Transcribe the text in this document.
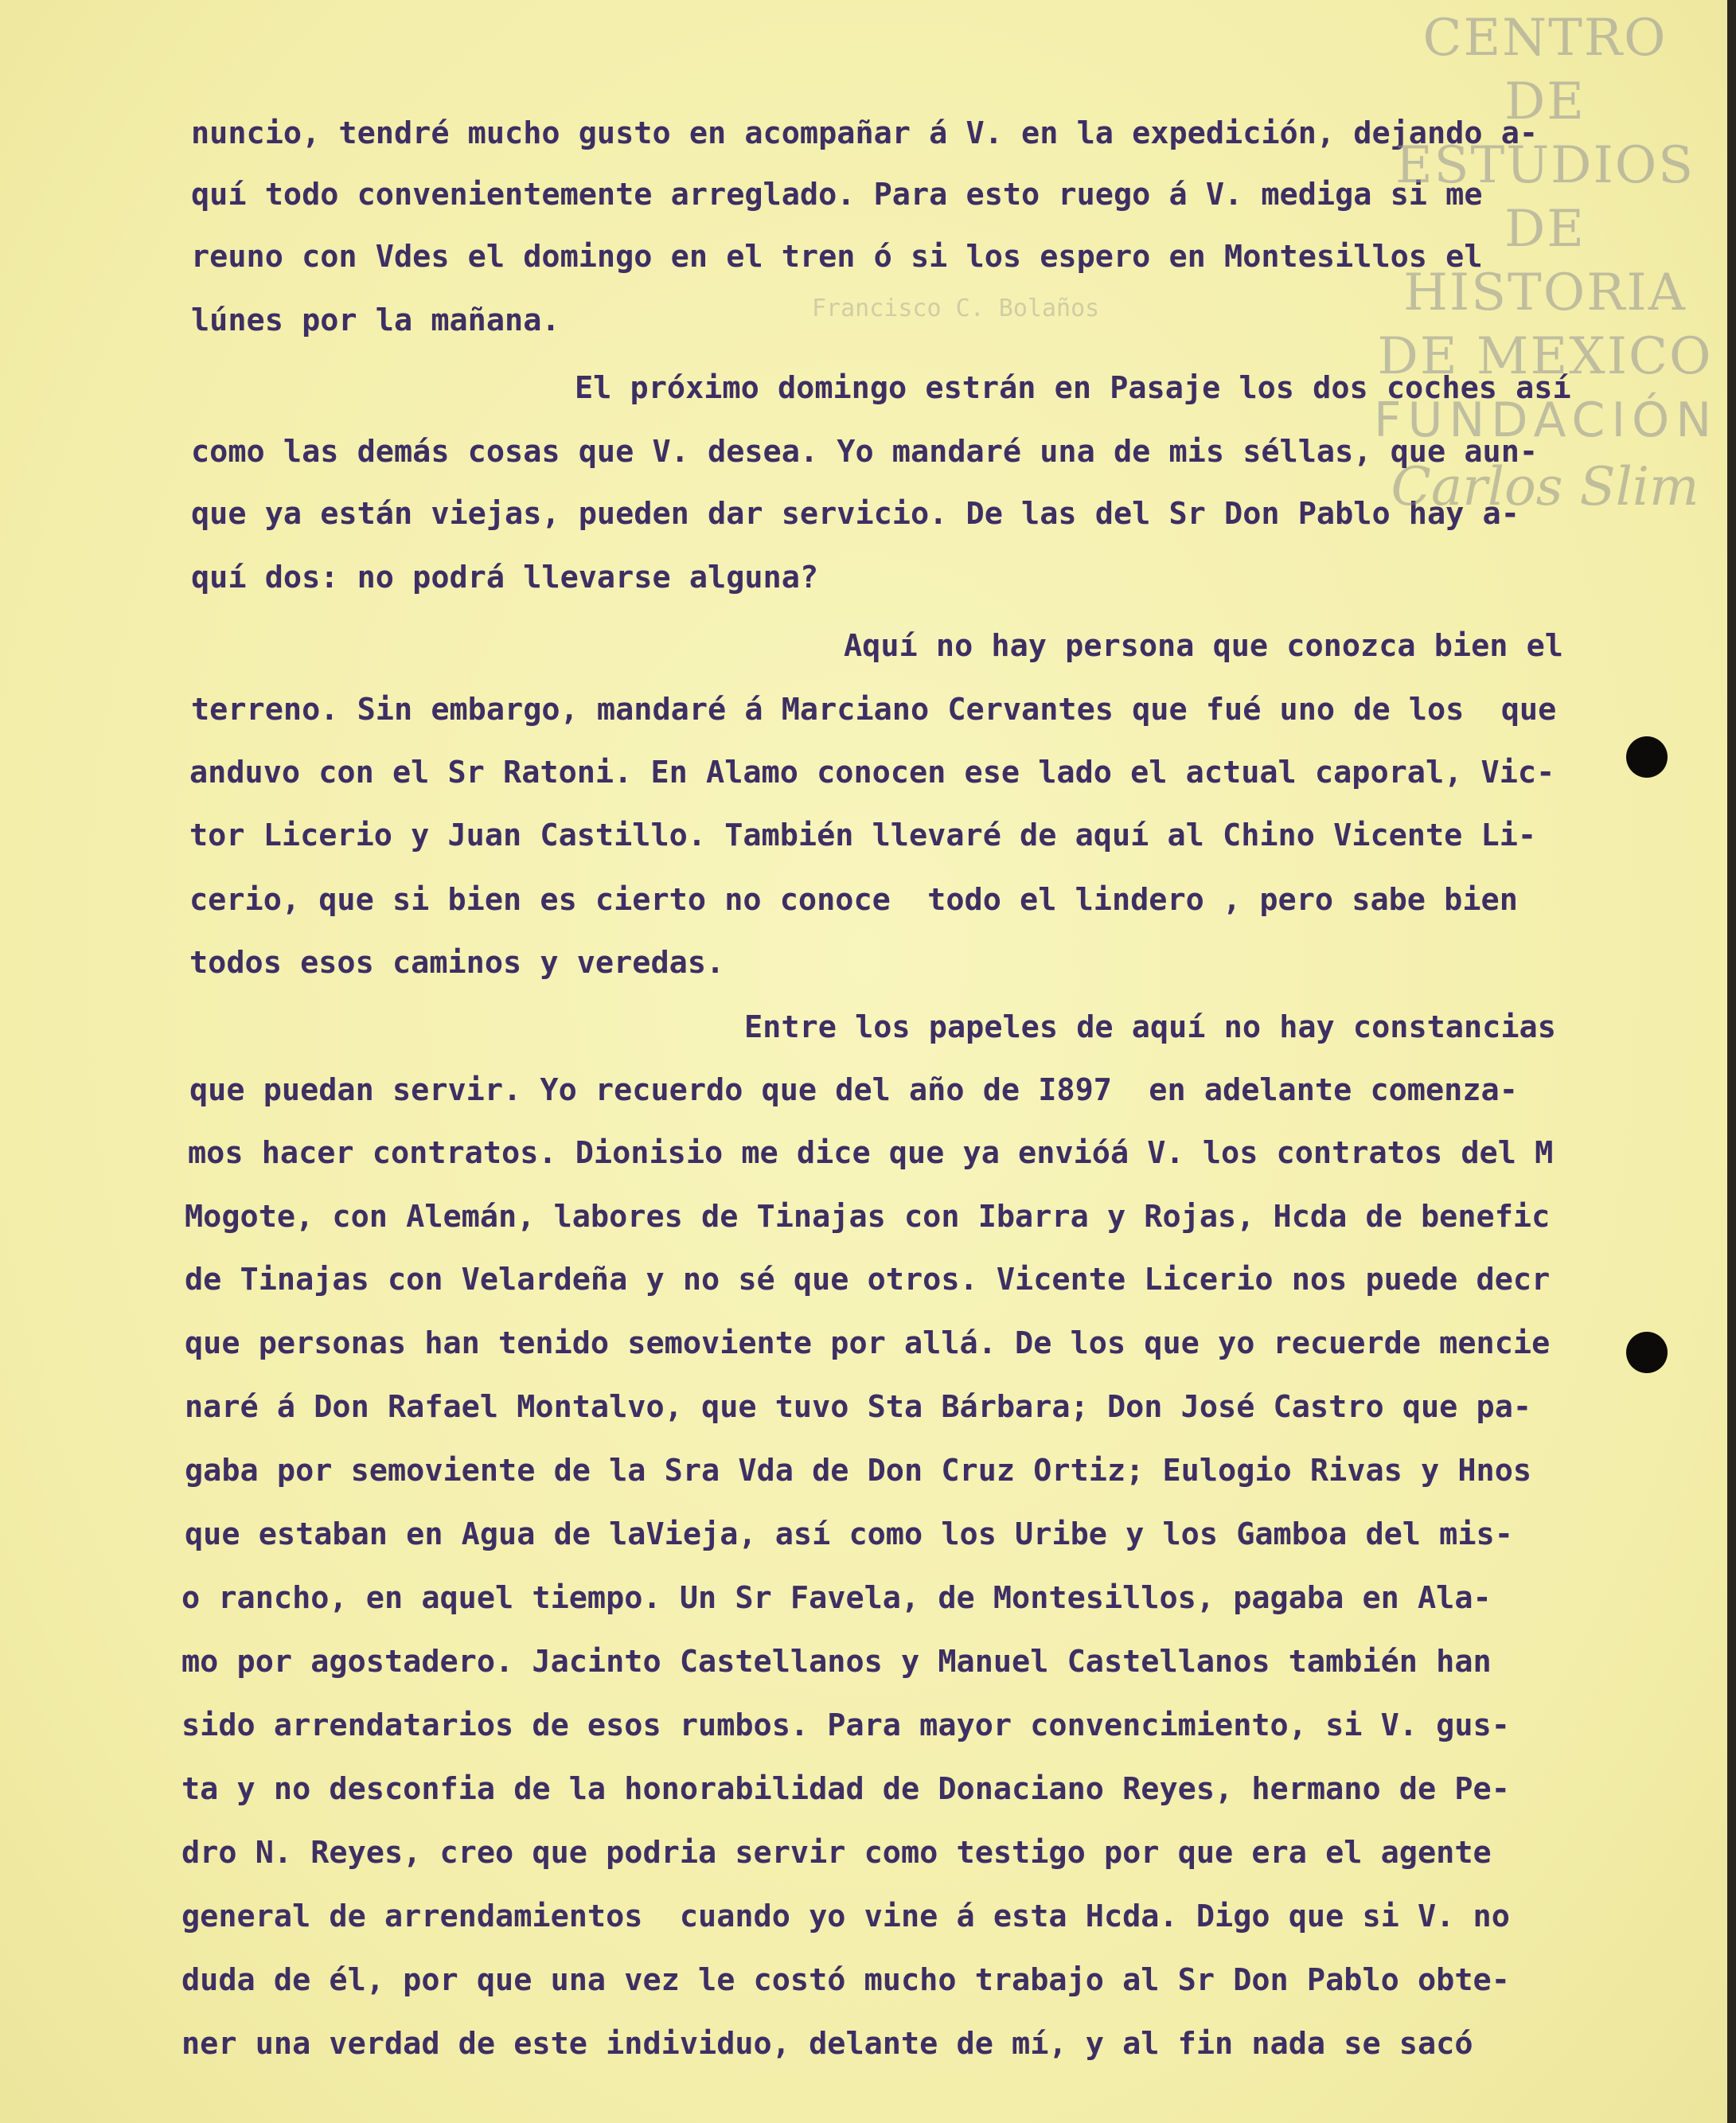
Francisco C. Bolaños
nuncio, tendré mucho gusto en acompañar á V. en la expedición, dejando a-
quí todo convenientemente arreglado. Para esto ruego á V. mediga si me
reuno con Vdes el domingo en el tren ó si los espero en Montesillos el
lúnes por la mañana.
El próximo domingo estrán en Pasaje los dos coches así
como las demás cosas que V. desea. Yo mandaré una de mis séllas, que aun-
que ya están viejas, pueden dar servicio. De las del Sr Don Pablo hay a-
quí dos: no podrá llevarse alguna?
Aquí no hay persona que conozca bien el
terreno. Sin embargo, mandaré á Marciano Cervantes que fué uno de los  que
anduvo con el Sr Ratoni. En Alamo conocen ese lado el actual caporal, Vic-
tor Licerio y Juan Castillo. También llevaré de aquí al Chino Vicente Li-
cerio, que si bien es cierto no conoce  todo el lindero , pero sabe bien
todos esos caminos y veredas.
Entre los papeles de aquí no hay constancias
que puedan servir. Yo recuerdo que del año de I897  en adelante comenza-
mos hacer contratos. Dionisio me dice que ya envióá V. los contratos del M
Mogote, con Alemán, labores de Tinajas con Ibarra y Rojas, Hcda de benefic
de Tinajas con Velardeña y no sé que otros. Vicente Licerio nos puede decr
que personas han tenido semoviente por allá. De los que yo recuerde mencie
naré á Don Rafael Montalvo, que tuvo Sta Bárbara; Don José Castro que pa-
gaba por semoviente de la Sra Vda de Don Cruz Ortiz; Eulogio Rivas y Hnos
que estaban en Agua de laVieja, así como los Uribe y los Gamboa del mis-
o rancho, en aquel tiempo. Un Sr Favela, de Montesillos, pagaba en Ala-
mo por agostadero. Jacinto Castellanos y Manuel Castellanos también han
sido arrendatarios de esos rumbos. Para mayor convencimiento, si V. gus-
ta y no desconfia de la honorabilidad de Donaciano Reyes, hermano de Pe-
dro N. Reyes, creo que podria servir como testigo por que era el agente
general de arrendamientos  cuando yo vine á esta Hcda. Digo que si V. no
duda de él, por que una vez le costó mucho trabajo al Sr Don Pablo obte-
ner una verdad de este individuo, delante de mí, y al fin nada se sacó
CENTRO DE
ESTUDIOS
DE HISTORIA
DE MEXICO
FUNDACIÓN
Carlos Slim
